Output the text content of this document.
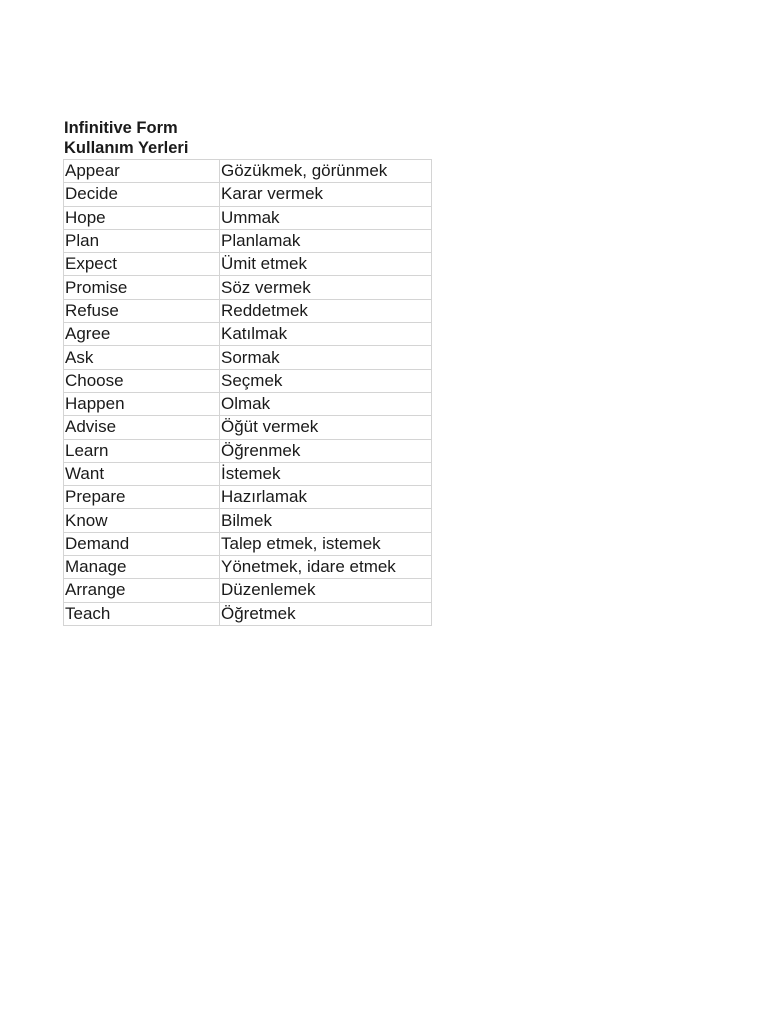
Infinitive Form
Kullanım Yerleri
Appear	Gözükmek, görünmek
Decide	Karar vermek
Hope	Ummak
Plan	Planlamak
Expect	Ümit etmek
Promise	Söz vermek
Refuse	Reddetmek
Agree	Katılmak
Ask	Sormak
Choose	Seçmek
Happen	Olmak
Advise	Öğüt vermek
Learn	Öğrenmek
Want	İstemek
Prepare	Hazırlamak
Know	Bilmek
Demand	Talep etmek, istemek
Manage	Yönetmek, idare etmek
Arrange	Düzenlemek
Teach	Öğretmek
